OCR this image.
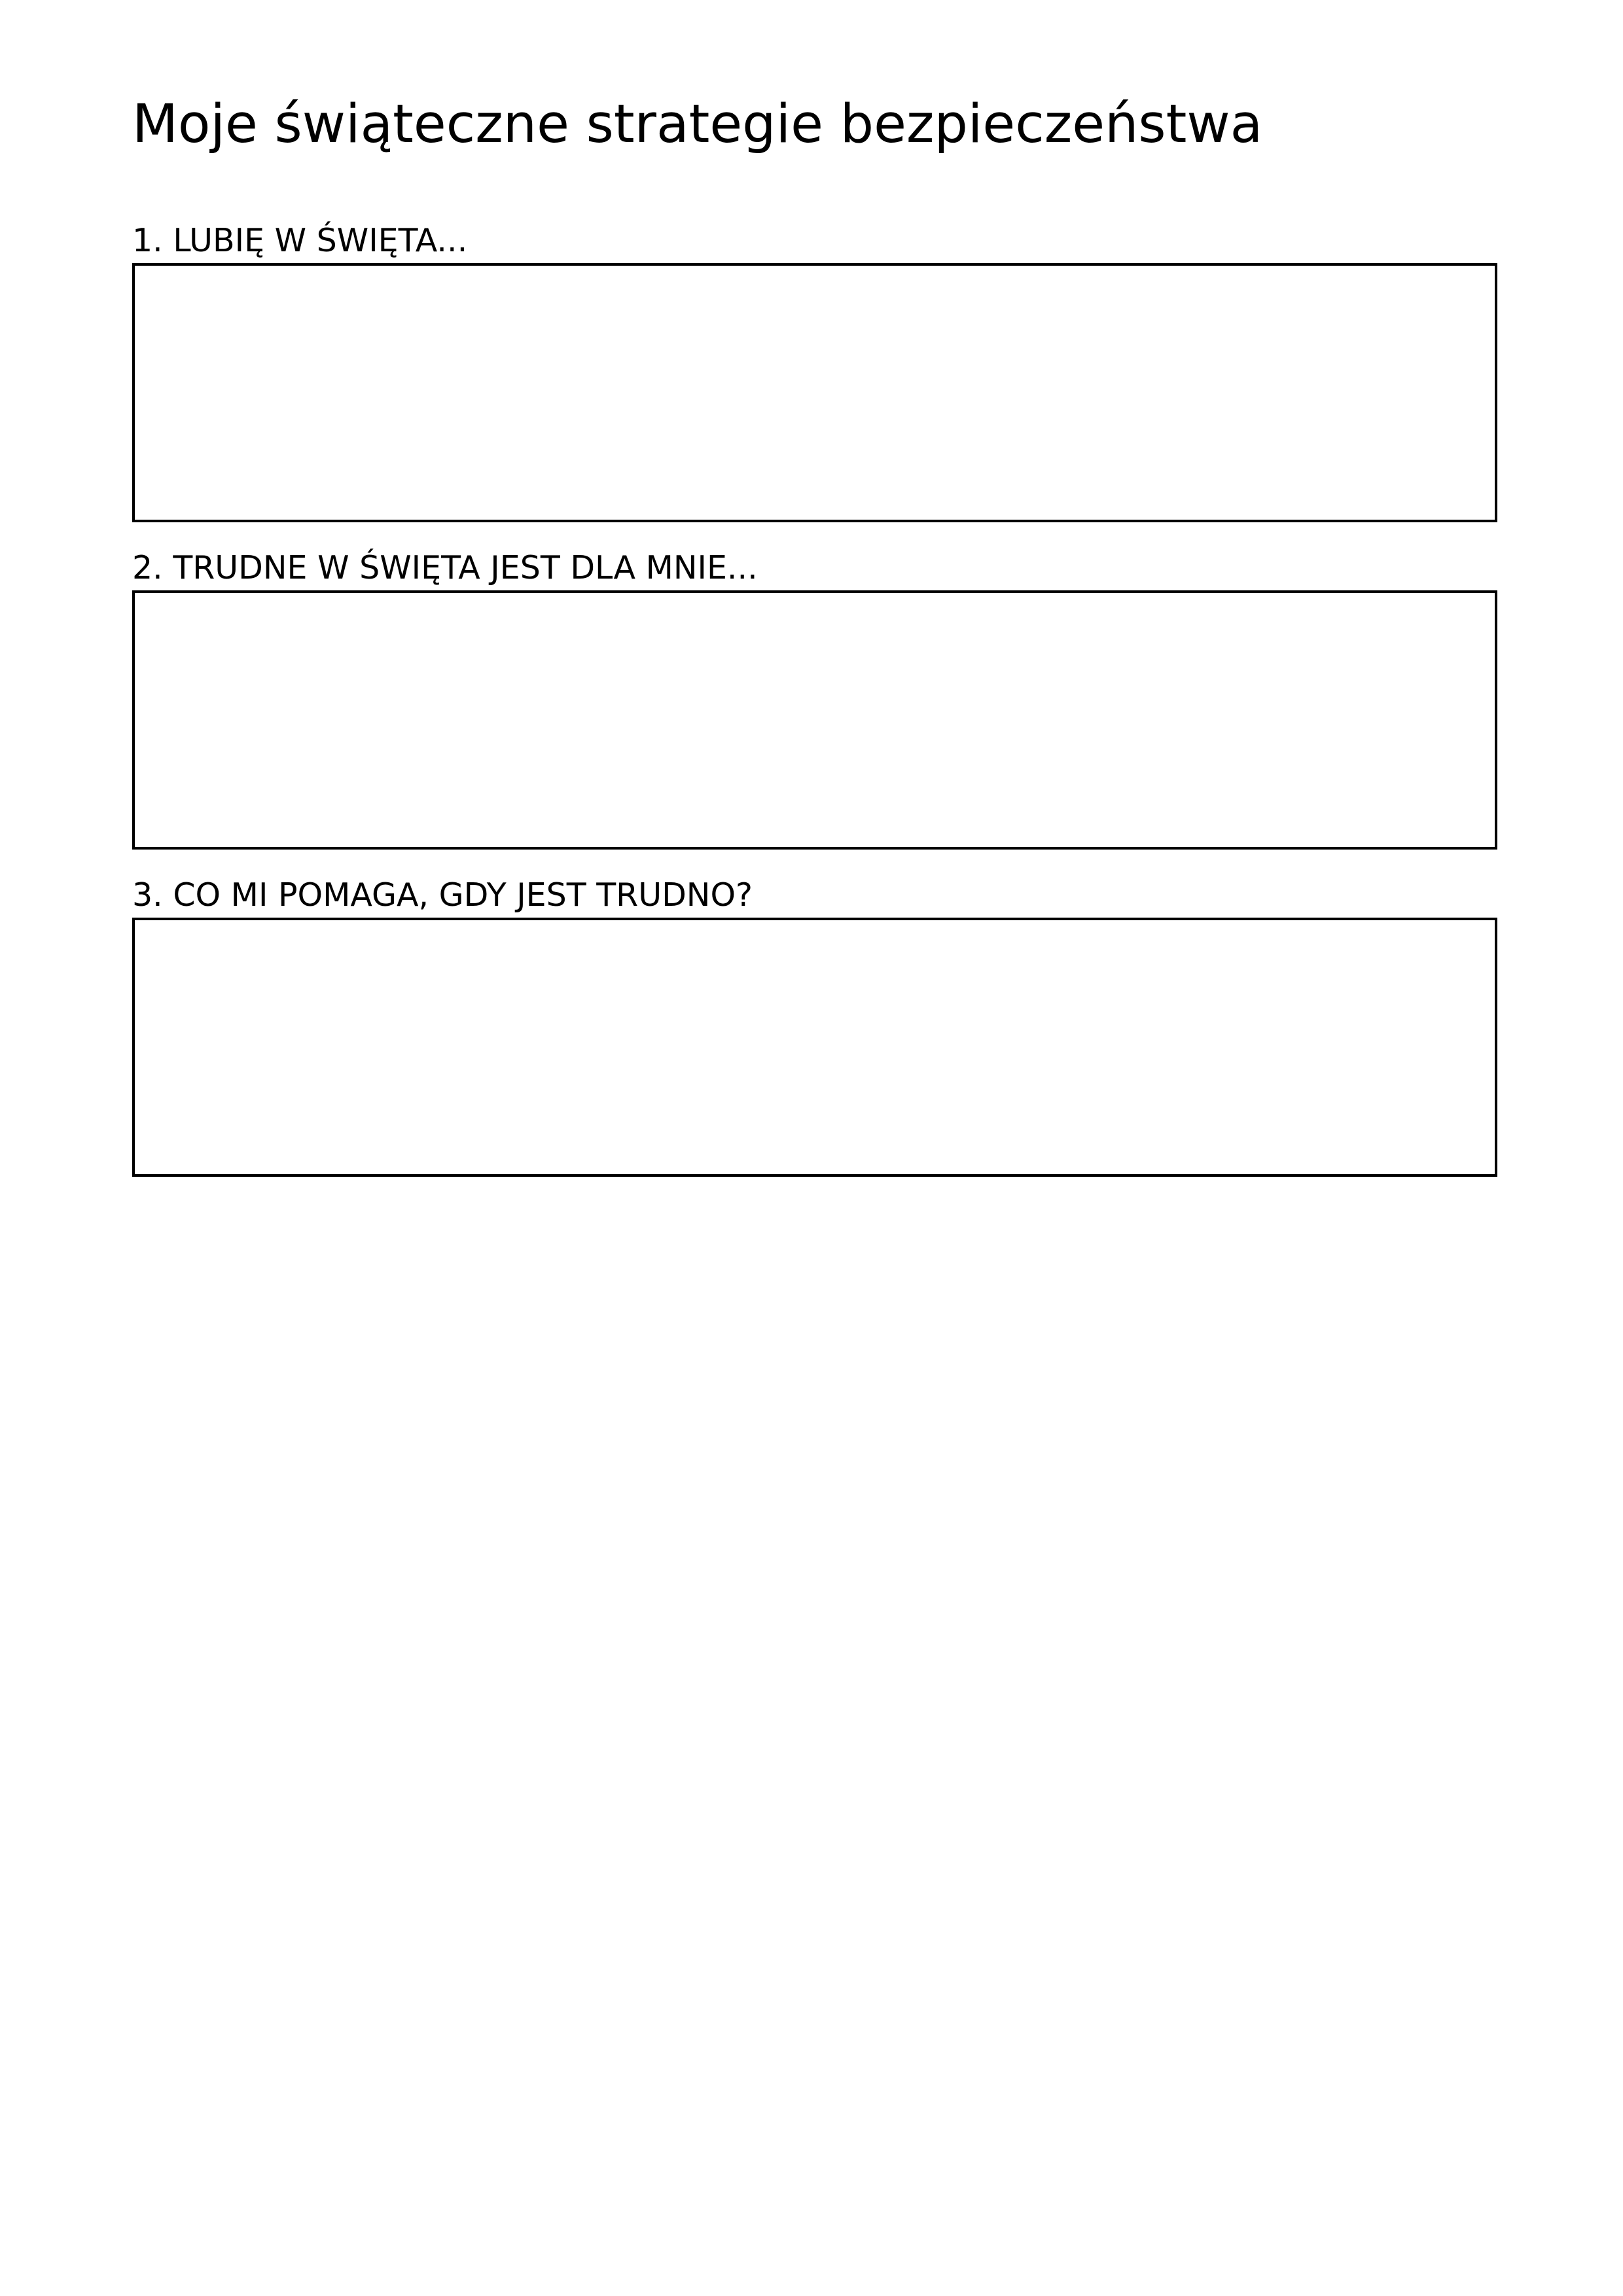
Moje świąteczne strategie bezpieczeństwa
1. LUBIĘ W ŚWIĘTA...
2. TRUDNE W ŚWIĘTA JEST DLA MNIE...
3. CO MI POMAGA, GDY JEST TRUDNO?
